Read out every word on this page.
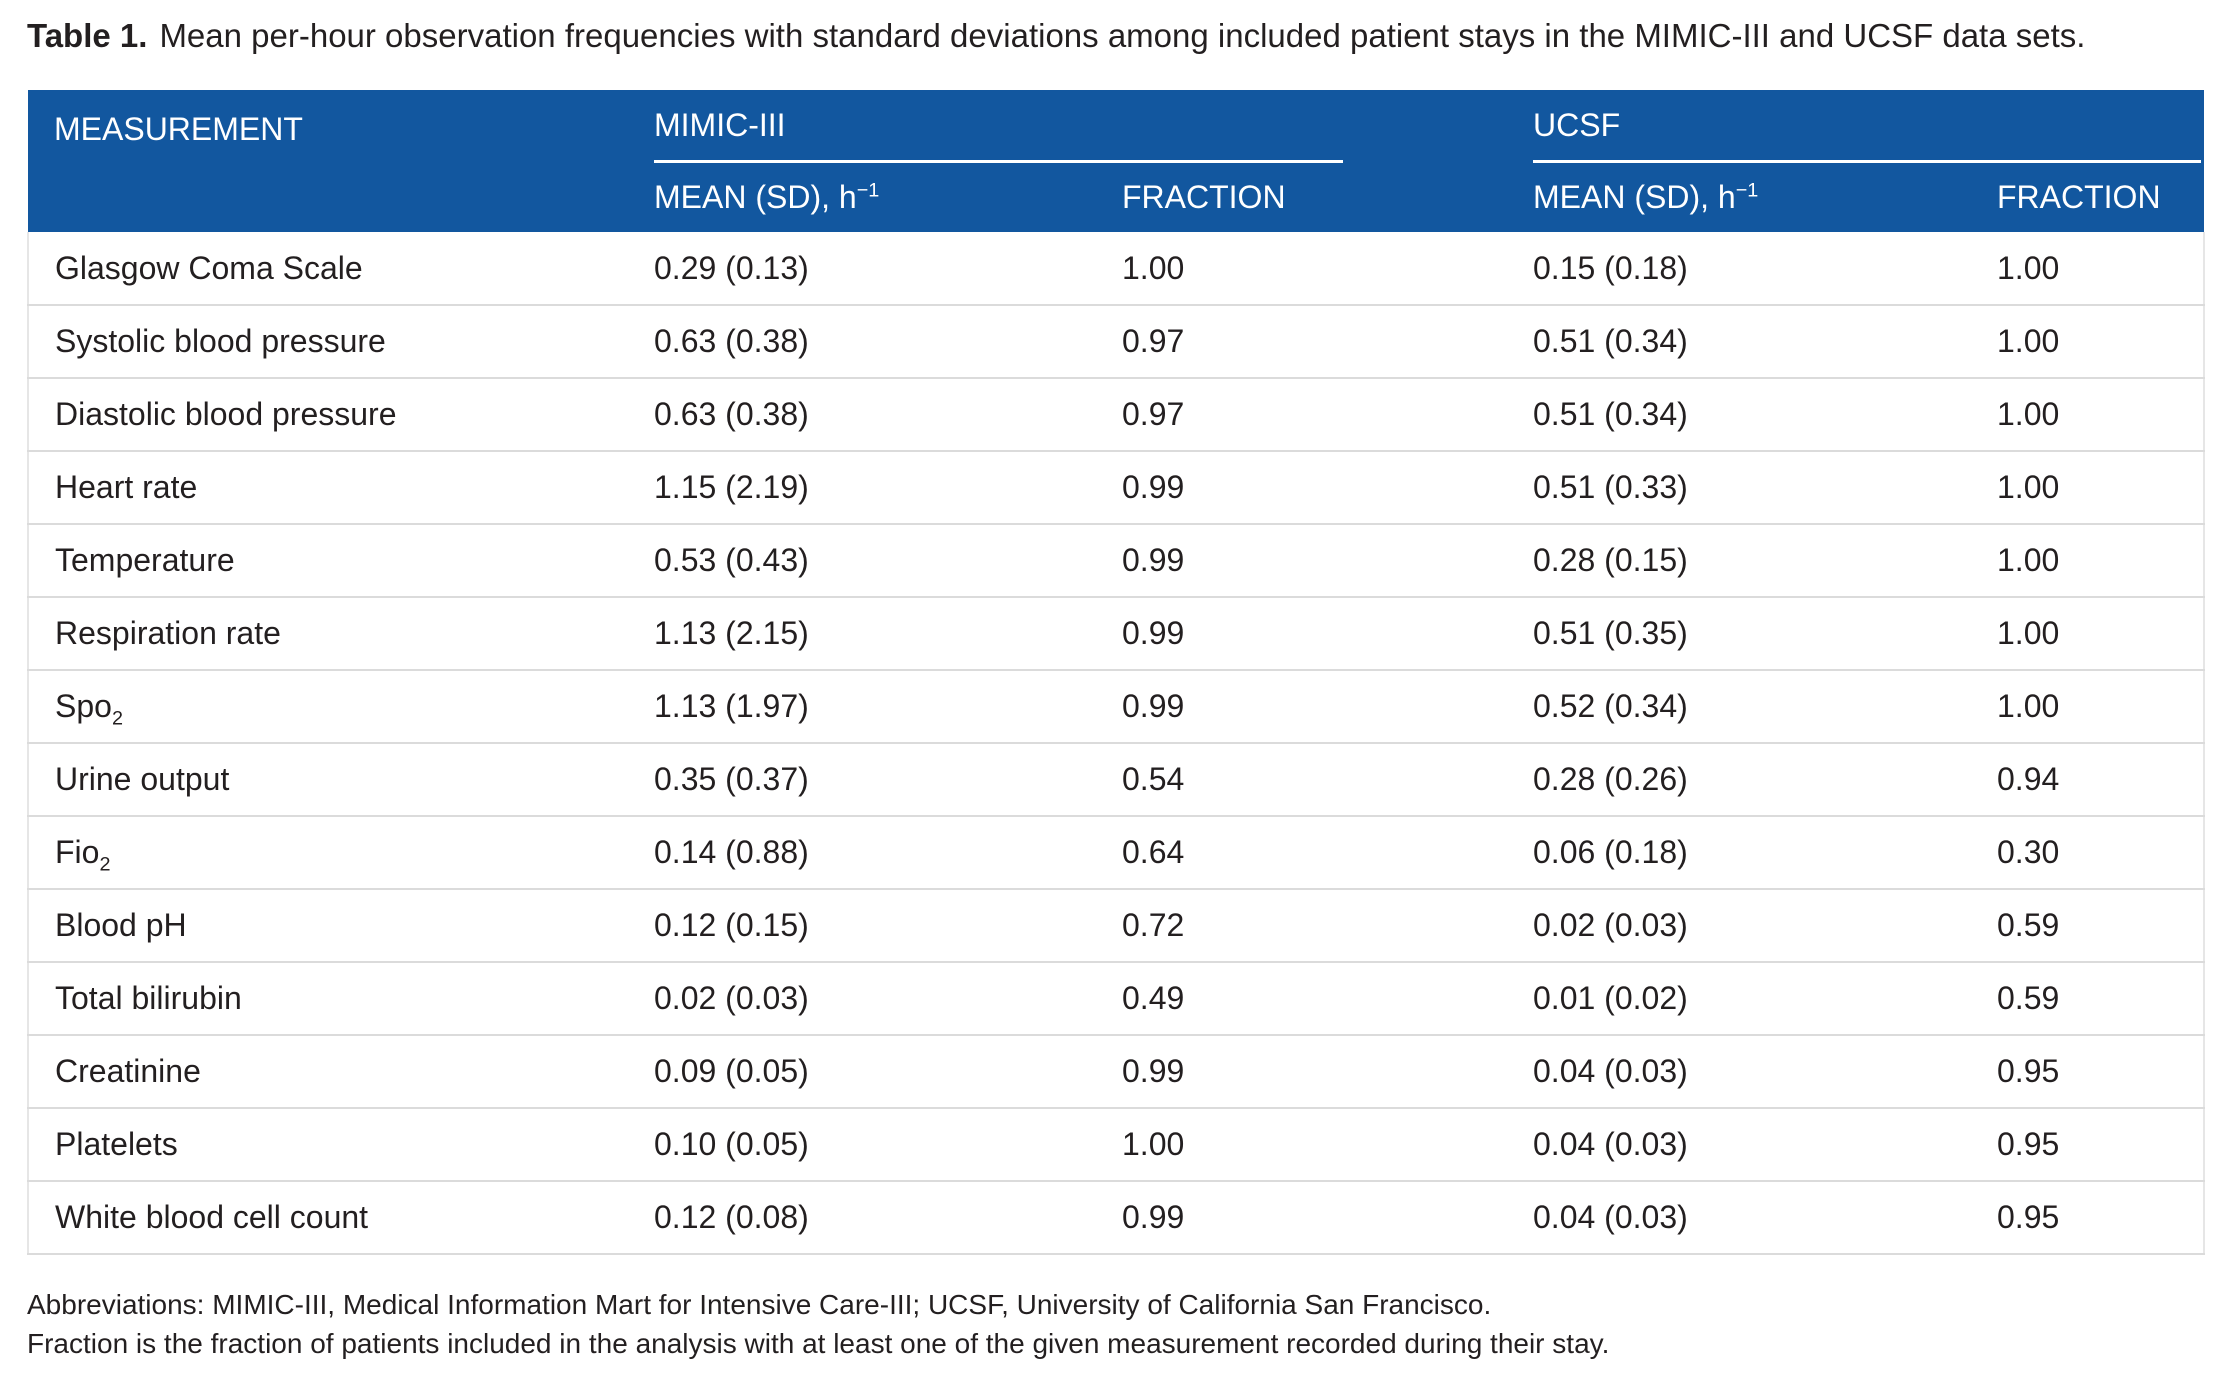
Table 1. Mean per-hour observation frequencies with standard deviations among included patient stays in the MIMIC-III and UCSF data sets.

MEASUREMENT	MIMIC-III		UCSF	

	MEAN (SD), $h^{-1}$	FRACTION	MEAN (SD), $h^{-1}$	FRACTION
Glasgow Coma Scale	0.29 (0.13)	1.00	0.15 (0.18)	1.00
Systolic blood pressure	0.63 (0.38)	0.97	0.51 (0.34)	1.00
Diastolic blood pressure	0.63 (0.38)	0.97	0.51 (0.34)	1.00
Heart rate	1.15 (2.19)	0.99	0.51 (0.33)	1.00
Temperature	0.53 (0.43)	0.99	0.28 (0.15)	1.00
Respiration rate	1.13 (2.15)	0.99	0.51 (0.35)	1.00
Spo$_2$	1.13 (1.97)	0.99	0.52 (0.34)	1.00
Urine output	0.35 (0.37)	0.54	0.28 (0.26)	0.94
Fio$_2$	0.14 (0.88)	0.64	0.06 (0.18)	0.30
Blood pH	0.12 (0.15)	0.72	0.02 (0.03)	0.59
Total bilirubin	0.02 (0.03)	0.49	0.01 (0.02)	0.59
Creatinine	0.09 (0.05)	0.99	0.04 (0.03)	0.95
Platelets	0.10 (0.05)	1.00	0.04 (0.03)	0.95
White blood cell count	0.12 (0.08)	0.99	0.04 (0.03)	0.95

Abbreviations: MIMIC-III, Medical Information Mart for Intensive Care-III; UCSF, University of California San Francisco.

Fraction is the fraction of patients included in the analysis with at least one of the given measurement recorded during their stay.
